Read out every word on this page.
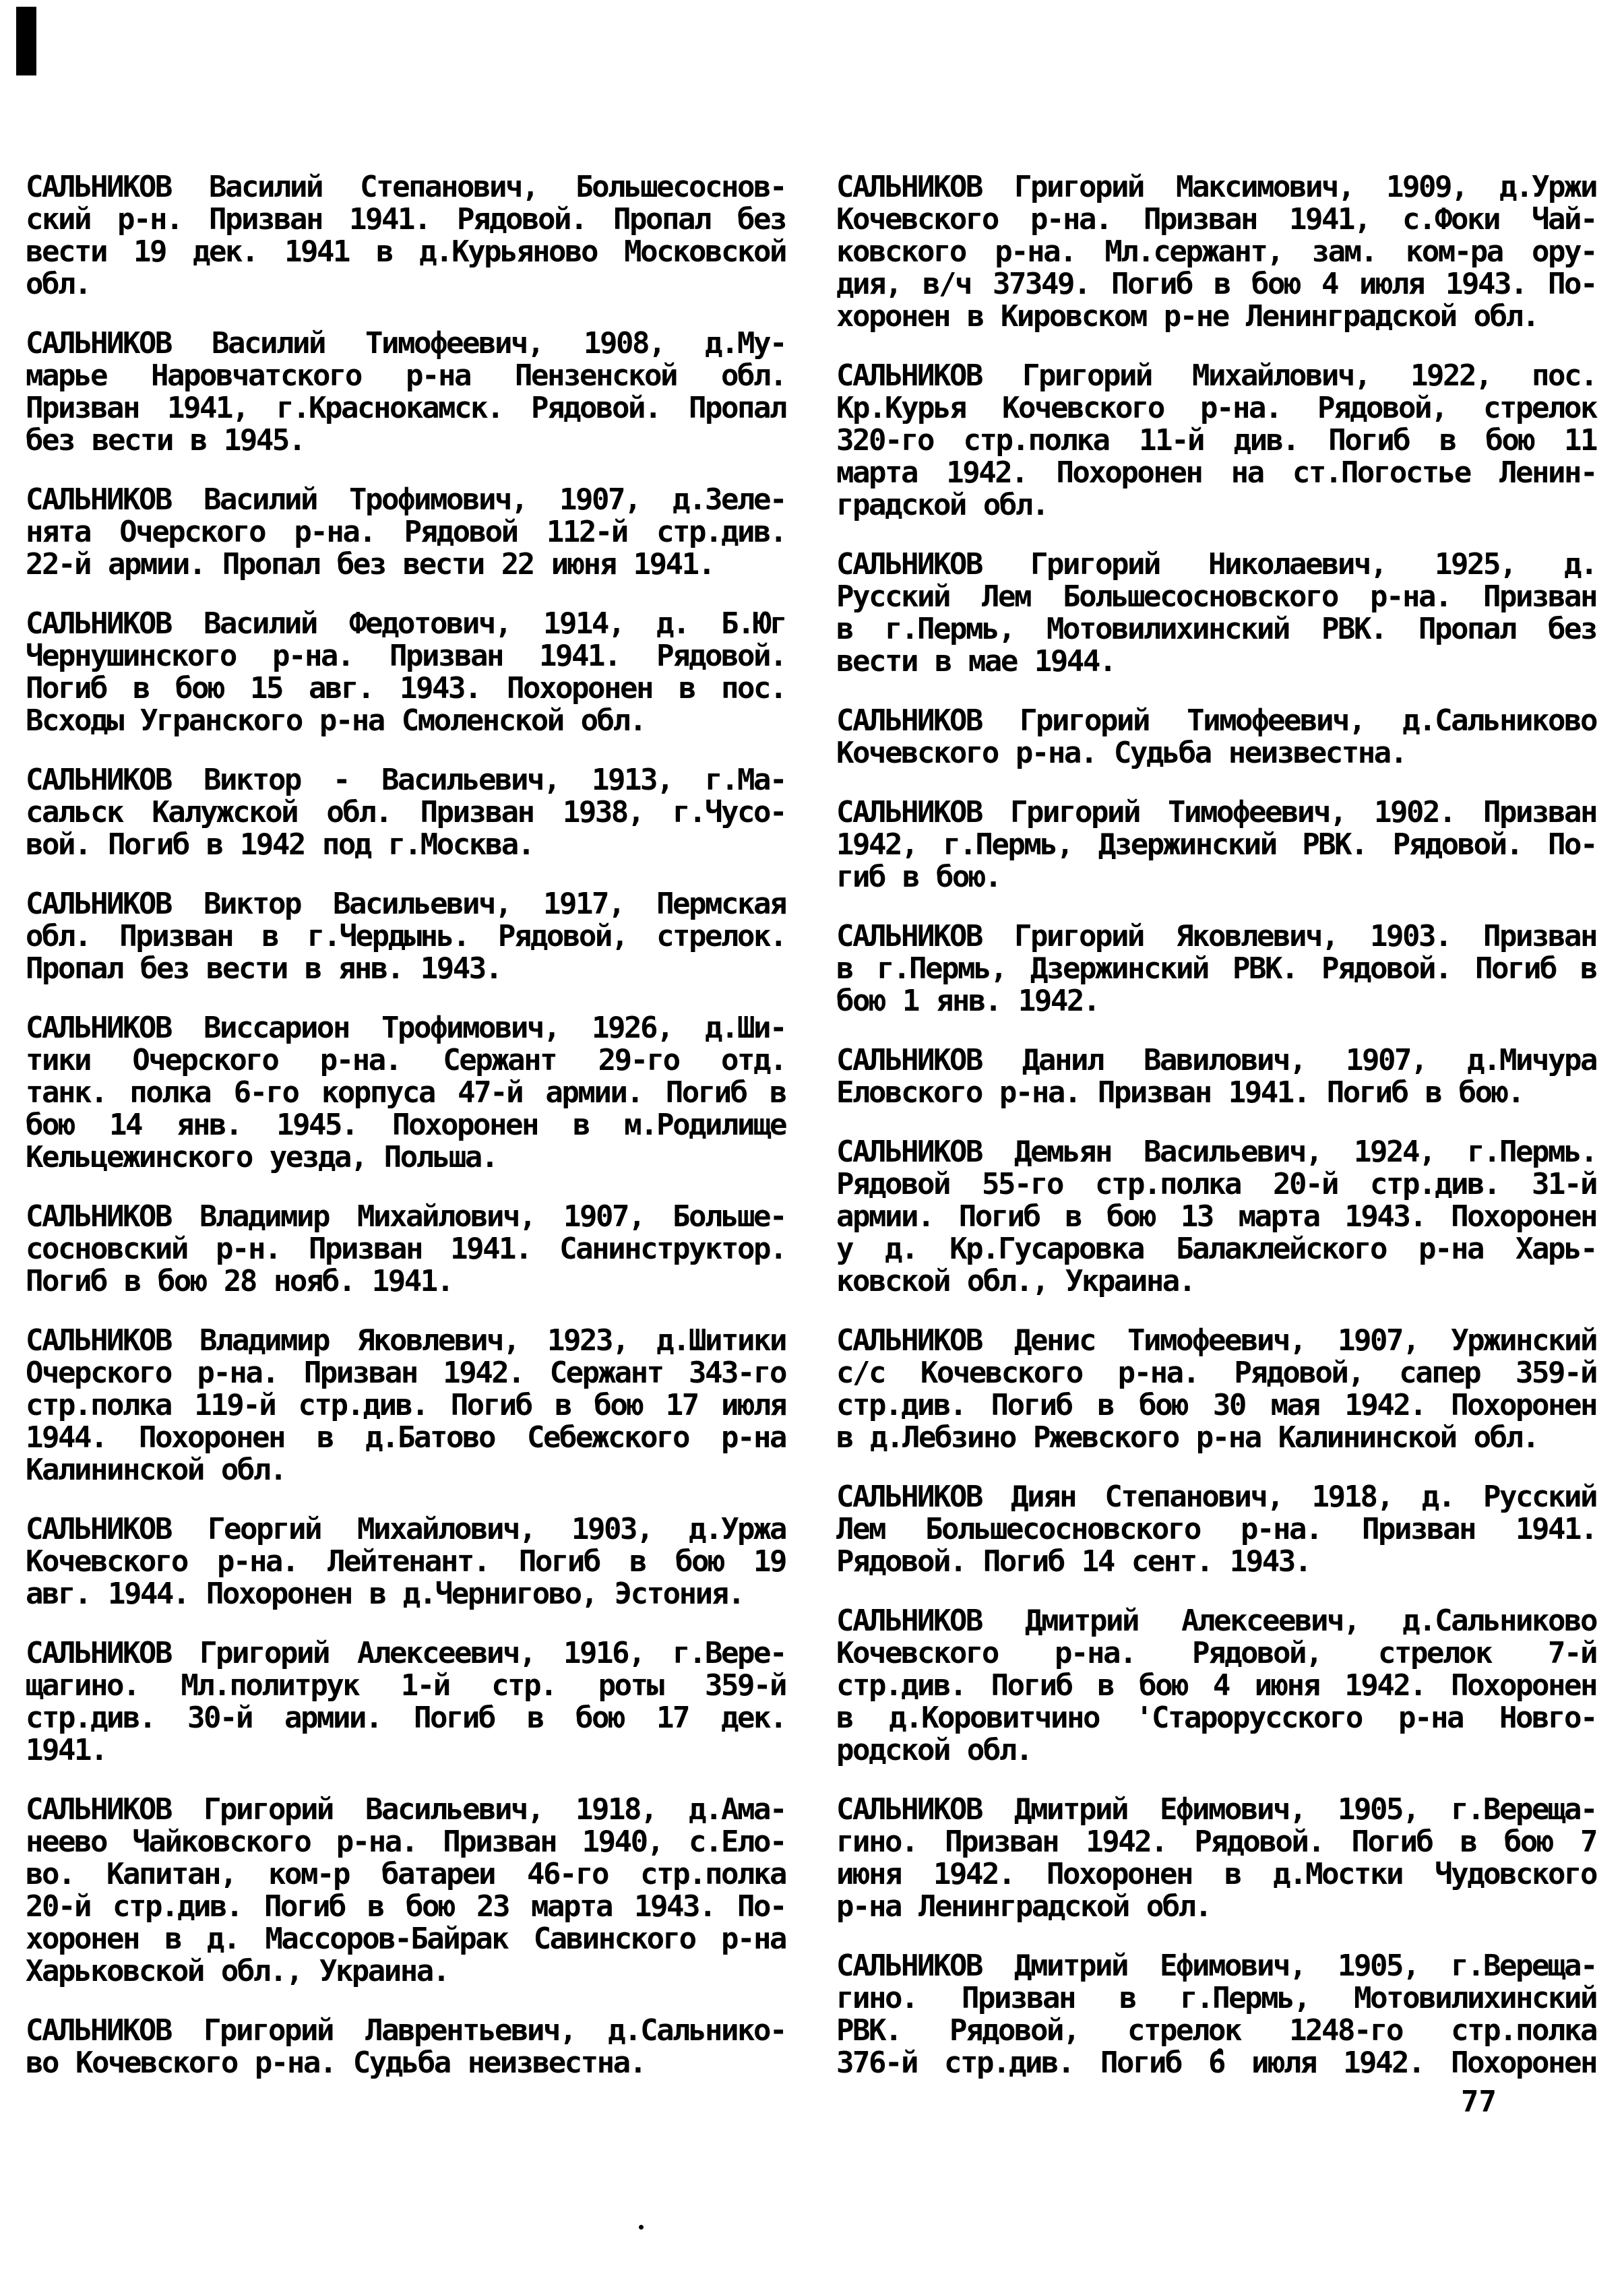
САЛЬНИКОВ Василий Степанович, Большесоснов-
ский р-н. Призван 1941. Рядовой. Пропал без
вести 19 дек. 1941 в д.Курьяново Московской
обл.
САЛЬНИКОВ Василий Тимофеевич, 1908, д.Му-
марье Наровчатского р-на Пензенской обл.
Призван 1941, г.Краснокамск. Рядовой. Пропал
без вести в 1945.
САЛЬНИКОВ Василий Трофимович, 1907, д.Зеле-
нята Очерского р-на. Рядовой 112-й стр.див.
22-й армии. Пропал без вести 22 июня 1941.
САЛЬНИКОВ Василий Федотович, 1914, д. Б.Юг
Чернушинского р-на. Призван 1941. Рядовой.
Погиб в бою 15 авг. 1943. Похоронен в пос.
Всходы Угранского р-на Смоленской обл.
САЛЬНИКОВ Виктор - Васильевич, 1913, г.Ма-
сальск Калужской обл. Призван 1938, г.Чусо-
вой. Погиб в 1942 под г.Москва.
САЛЬНИКОВ Виктор Васильевич, 1917, Пермская
обл. Призван в г.Чердынь. Рядовой, стрелок.
Пропал без вести в янв. 1943.
САЛЬНИКОВ Виссарион Трофимович, 1926, д.Ши-
тики Очерского р-на. Сержант 29-го отд.
танк. полка 6-го корпуса 47-й армии. Погиб в
бою 14 янв. 1945. Похоронен в м.Родилище
Кельцежинского уезда, Польша.
САЛЬНИКОВ Владимир Михайлович, 1907, Больше-
сосновский р-н. Призван 1941. Санинструктор.
Погиб в бою 28 нояб. 1941.
САЛЬНИКОВ Владимир Яковлевич, 1923, д.Шитики
Очерского р-на. Призван 1942. Сержант 343-го
стр.полка 119-й стр.див. Погиб в бою 17 июля
1944. Похоронен в д.Батово Себежского р-на
Калининской обл.
САЛЬНИКОВ Георгий Михайлович, 1903, д.Уржа
Кочевского р-на. Лейтенант. Погиб в бою 19
авг. 1944. Похоронен в д.Чернигово, Эстония.
САЛЬНИКОВ Григорий Алексеевич, 1916, г.Вере-
щагино. Мл.политрук 1-й стр. роты 359-й
стр.див. 30-й армии. Погиб в бою 17 дек.
1941.
САЛЬНИКОВ Григорий Васильевич, 1918, д.Ама-
неево Чайковского р-на. Призван 1940, с.Ело-
во. Капитан, ком-р батареи 46-го стр.полка
20-й стр.див. Погиб в бою 23 марта 1943. По-
хоронен в д. Массоров-Байрак Савинского р-на
Харьковской обл., Украина.
САЛЬНИКОВ Григорий Лаврентьевич, д.Сальнико-
во Кочевского р-на. Судьба неизвестна.
САЛЬНИКОВ Григорий Максимович, 1909, д.Уржи
Кочевского р-на. Призван 1941, с.Фоки Чай-
ковского р-на. Мл.сержант, зам. ком-ра ору-
дия, в/ч 37349. Погиб в бою 4 июля 1943. По-
хоронен в Кировском р-не Ленинградской обл.
САЛЬНИКОВ Григорий Михайлович, 1922, пос.
Кр.Курья Кочевского р-на. Рядовой, стрелок
320-го стр.полка 11-й див. Погиб в бою 11
марта 1942. Похоронен на ст.Погостье Ленин-
градской обл.
САЛЬНИКОВ Григорий Николаевич, 1925, д.
Русский Лем Большесосновского р-на. Призван
в г.Пермь, Мотовилихинский РВК. Пропал без
вести в мае 1944.
САЛЬНИКОВ Григорий Тимофеевич, д.Сальниково
Кочевского р-на. Судьба неизвестна.
САЛЬНИКОВ Григорий Тимофеевич, 1902. Призван
1942, г.Пермь, Дзержинский РВК. Рядовой. По-
гиб в бою.
САЛЬНИКОВ Григорий Яковлевич, 1903. Призван
в г.Пермь, Дзержинский РВК. Рядовой. Погиб в
бою 1 янв. 1942.
САЛЬНИКОВ Данил Вавилович, 1907, д.Мичура
Еловского р-на. Призван 1941. Погиб в бою.
САЛЬНИКОВ Демьян Васильевич, 1924, г.Пермь.
Рядовой 55-го стр.полка 20-й стр.див. 31-й
армии. Погиб в бою 13 марта 1943. Похоронен
у д. Кр.Гусаровка Балаклейского р-на Харь-
ковской обл., Украина.
САЛЬНИКОВ Денис Тимофеевич, 1907, Уржинский
с/с Кочевского р-на. Рядовой, сапер 359-й
стр.див. Погиб в бою 30 мая 1942. Похоронен
в д.Лебзино Ржевского р-на Калининской обл.
САЛЬНИКОВ Диян Степанович, 1918, д. Русский
Лем Большесосновского р-на. Призван 1941.
Рядовой. Погиб 14 сент. 1943.
САЛЬНИКОВ Дмитрий Алексеевич, д.Сальниково
Кочевского р-на. Рядовой, стрелок 7-й
стр.див. Погиб в бою 4 июня 1942. Похоронен
в д.Коровитчино 'Старорусского р-на Новго-
родской обл.
САЛЬНИКОВ Дмитрий Ефимович, 1905, г.Вереща-
гино. Призван 1942. Рядовой. Погиб в бою 7
июня 1942. Похоронен в д.Мостки Чудовского
р-на Ленинградской обл.
САЛЬНИКОВ Дмитрий Ефимович, 1905, г.Вереща-
гино. Призван в г.Пермь, Мотовилихинский
РВК. Рядовой, стрелок 1248-го стр.полка
376-й стр.див. Погиб 6 июля 1942. Похоронен
77
